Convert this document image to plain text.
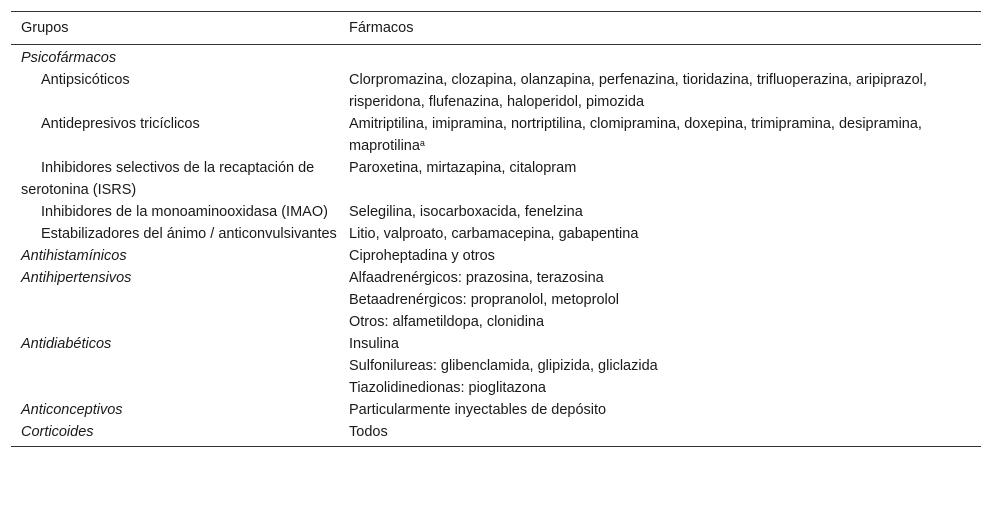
Grupos	Fármacos
Psicofármacos	
Antipsicóticos	Clorpromazina, clozapina, olanzapina, perfenazina, tioridazina, trifluoperazina, aripiprazol, risperidona, flufenazina, haloperidol, pimozida
Antidepresivos tricíclicos	Amitriptilina, imipramina, nortriptilina, clomipramina, doxepina, trimipramina, desipramina, maprotilina$^a$
Inhibidores selectivos de la recaptación de serotonina (ISRS)	Paroxetina, mirtazapina, citalopram
Inhibidores de la monoaminooxidasa (IMAO)	Selegilina, isocarboxacida, fenelzina
Estabilizadores del ánimo / anticonvulsivantes	Litio, valproato, carbamacepina, gabapentina
Antihistamínicos	Ciproheptadina y otros
Antihipertensivos	Alfaadrenérgicos: prazosina, terazosina
	Betaadrenérgicos: propranolol, metoprolol
	Otros: alfametildopa, clonidina
Antidiabéticos	Insulina
	Sulfonilureas: glibenclamida, glipizida, gliclazida
	Tiazolidinedionas: pioglitazona
Anticonceptivos	Particularmente inyectables de depósito
Corticoides	Todos
